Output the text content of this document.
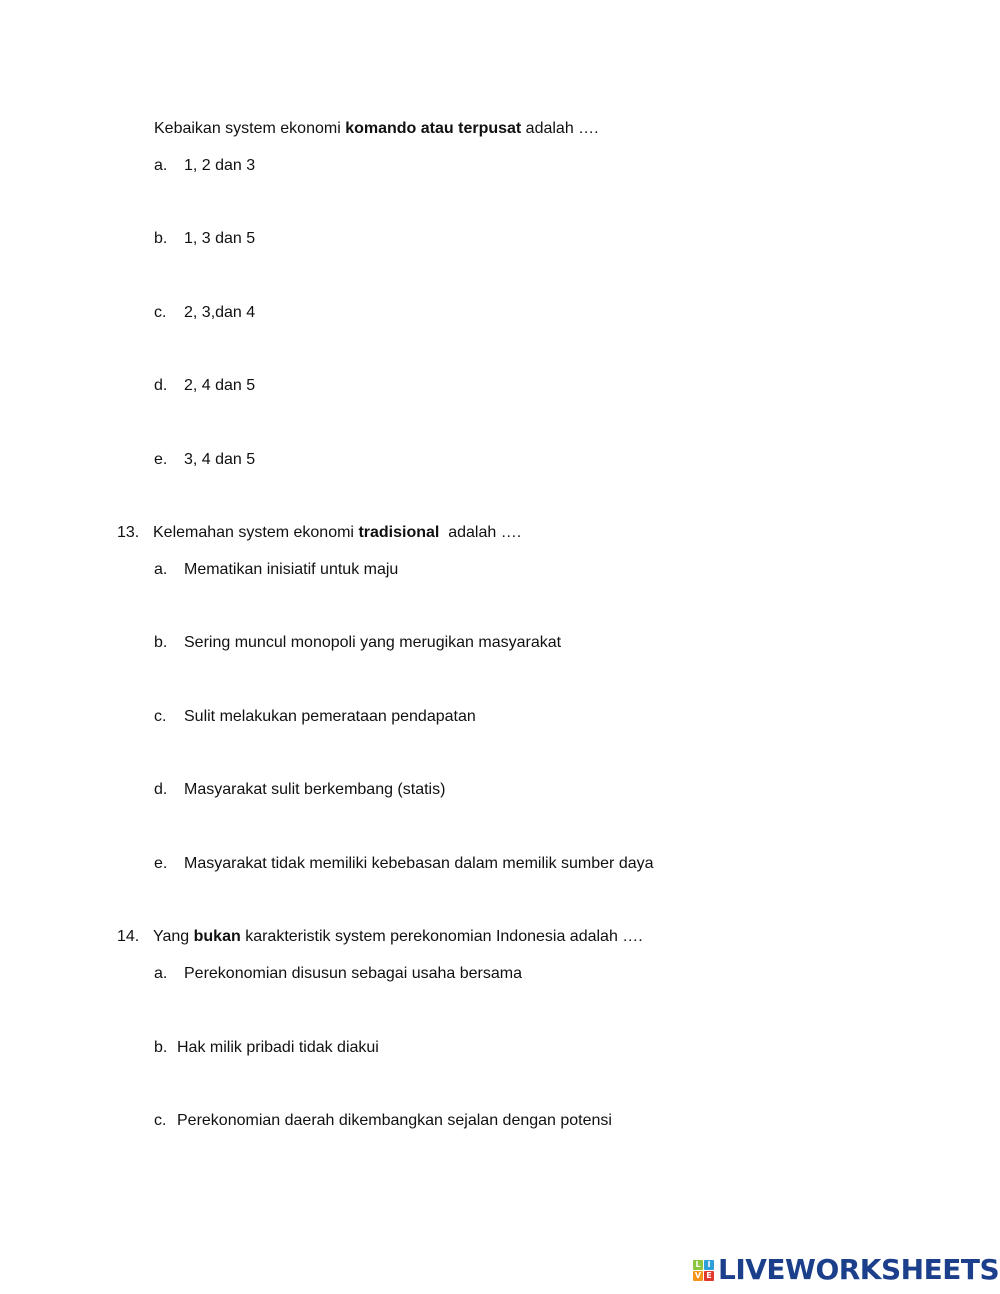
Kebaikan system ekonomi komando atau terpusat adalah ….
a. 1, 2 dan 3
b. 1, 3 dan 5
c. 2, 3,dan 4
d. 2, 4 dan 5
e. 3, 4 dan 5
13. Kelemahan system ekonomi tradisional  adalah ….
a. Mematikan inisiatif untuk maju
b. Sering muncul monopoli yang merugikan masyarakat
c. Sulit melakukan pemerataan pendapatan
d. Masyarakat sulit berkembang (statis)
e. Masyarakat tidak memiliki kebebasan dalam memilik sumber daya
14. Yang bukan karakteristik system perekonomian Indonesia adalah ….
a. Perekonomian disusun sebagai usaha bersama
b. Hak milik pribadi tidak diakui
c. Perekonomian daerah dikembangkan sejalan dengan potensi
L I
V E LIVEWORKSHEETS
